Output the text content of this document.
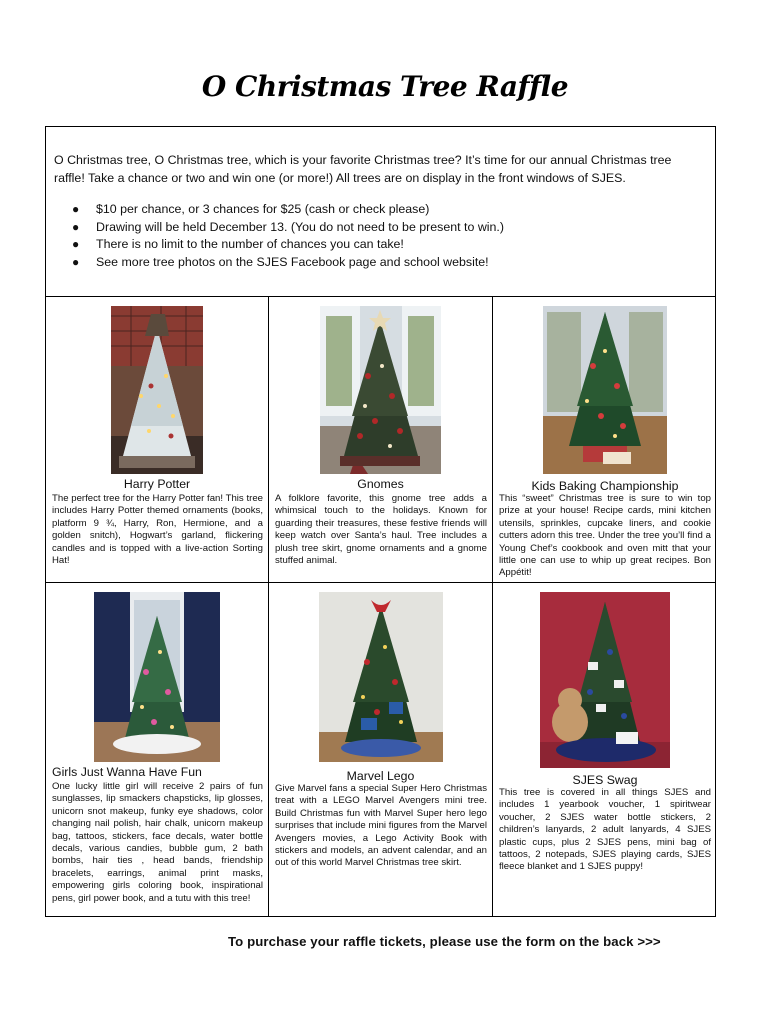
O Christmas Tree Raffle
O Christmas tree, O Christmas tree, which is your favorite Christmas tree? It’s time for our annual Christmas tree raffle! Take a chance or two and win one (or more!) All trees are on display in the front windows of SJES.
● $10 per chance, or 3 chances for $25 (cash or check please)
● Drawing will be held December 13. (You do not need to be present to win.)
● There is no limit to the number of chances you can take!
● See more tree photos on the SJES Facebook page and school website!
Harry Potter
The perfect tree for the Harry Potter fan! This tree includes Harry Potter themed ornaments (books, platform 9 ¾, Harry, Ron, Hermione, and a golden snitch), Hogwart’s garland, flickering candles and is topped with a live-action Sorting Hat!
Gnomes
A folklore favorite, this gnome tree adds a whimsical touch to the holidays. Known for guarding their treasures, these festive friends will keep watch over Santa’s haul. Tree includes a plush tree skirt, gnome ornaments and a gnome stuffed animal.
Kids Baking Championship
This “sweet” Christmas tree is sure to win top prize at your house! Recipe cards, mini kitchen utensils, sprinkles, cupcake liners, and cookie cutters adorn this tree. Under the tree you’ll find a Young Chef’s cookbook and oven mitt that your little one can use to whip up great recipes. Bon Appétit!
Girls Just Wanna Have Fun
One lucky little girl will receive 2 pairs of fun sunglasses, lip smackers chapsticks, lip glosses, unicorn snot makeup, funky eye shadows, color changing nail polish, hair chalk, unicorn makeup bag, tattoos, stickers, face decals, water bottle decals, various candies, bubble gum, 2 bath bombs, hair ties , head bands, friendship bracelets, earrings, animal print masks, empowering girls coloring book, inspirational pens, girl power book, and a tutu with this tree!
Marvel Lego
Give Marvel fans a special Super Hero Christmas treat with a LEGO Marvel Avengers mini tree. Build Christmas fun with Marvel Super hero lego surprises that include mini figures from the Marvel Avengers movies, a Lego Activity Book with stickers and models, an advent calendar, and an out of this world Marvel Christmas tree skirt.
SJES Swag
This tree is covered in all things SJES and includes 1 yearbook voucher, 1 spiritwear voucher, 2 SJES water bottle stickers, 2 children’s lanyards, 2 adult lanyards, 4 SJES plastic cups, plus 2 SJES pens, mini bag of tattoos, 2 notepads, SJES playing cards, SJES fleece blanket and 1 SJES puppy!
To purchase your raffle tickets, please use the form on the back >>>
